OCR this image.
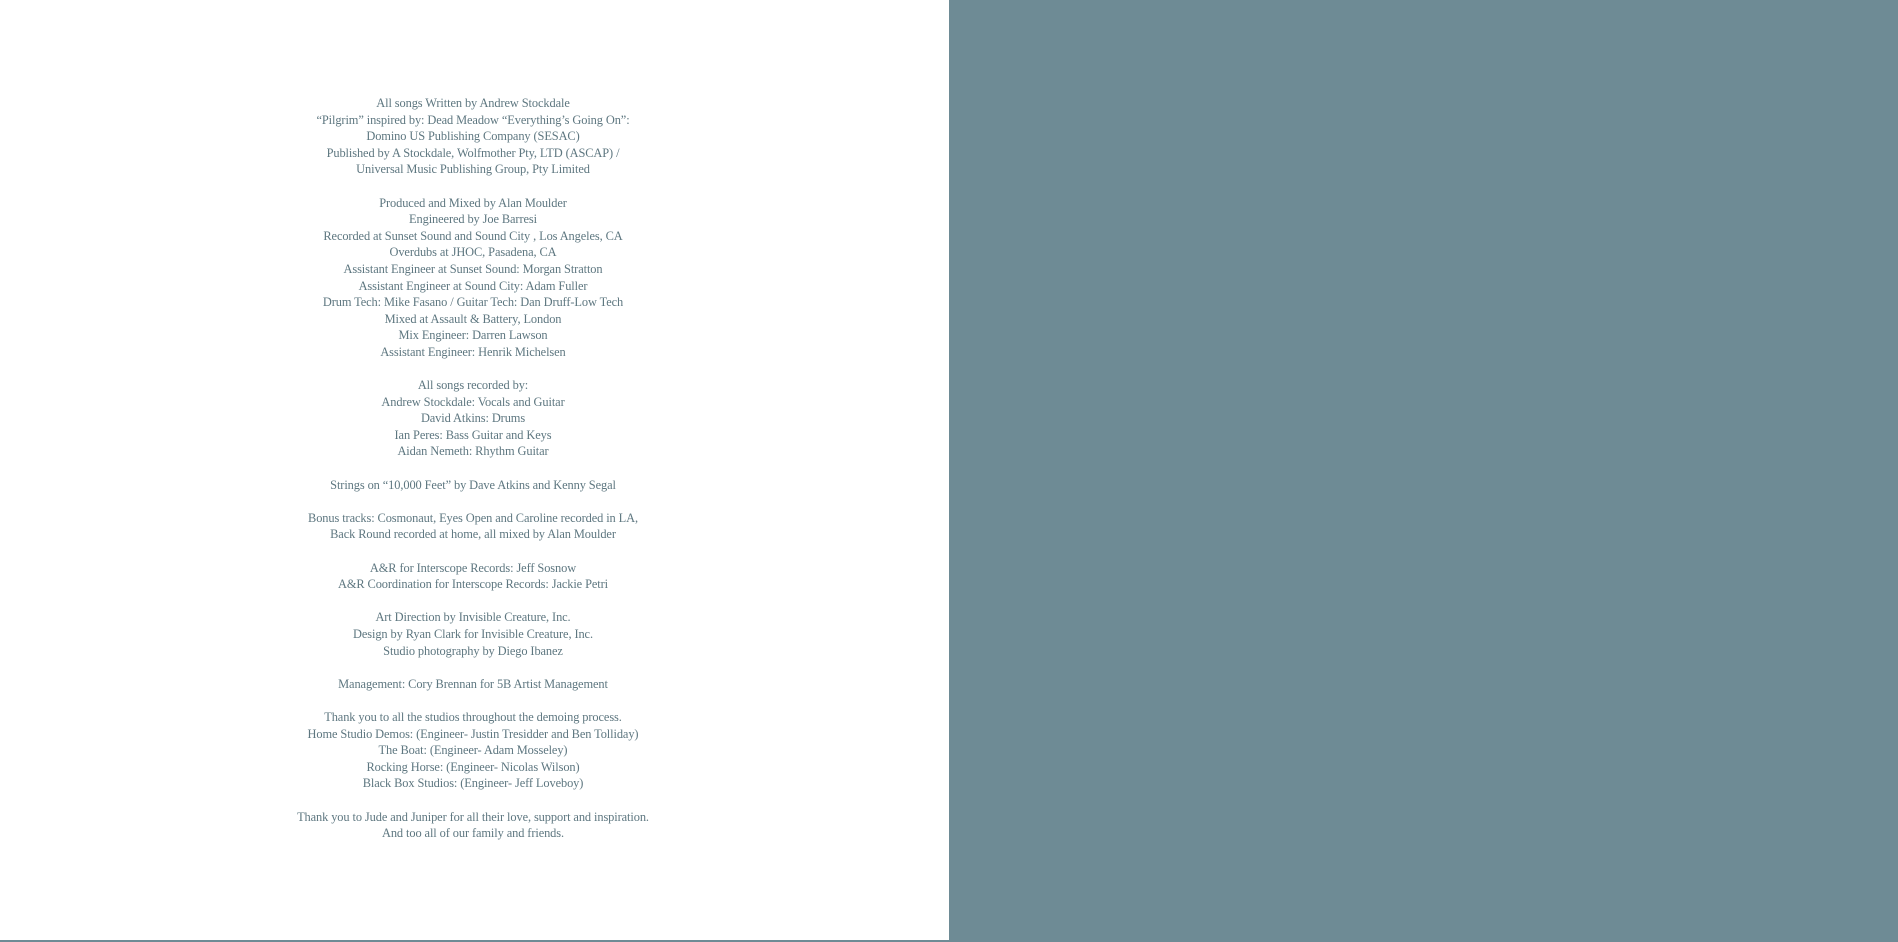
All songs Written by Andrew Stockdale
“Pilgrim” inspired by: Dead Meadow “Everything’s Going On”:
Domino US Publishing Company (SESAC)
Published by A Stockdale, Wolfmother Pty, LTD (ASCAP) /
Universal Music Publishing Group, Pty Limited
Produced and Mixed by Alan Moulder
Engineered by Joe Barresi
Recorded at Sunset Sound and Sound City , Los Angeles, CA
Overdubs at JHOC, Pasadena, CA
Assistant Engineer at Sunset Sound: Morgan Stratton
Assistant Engineer at Sound City: Adam Fuller
Drum Tech: Mike Fasano / Guitar Tech: Dan Druff-Low Tech
Mixed at Assault & Battery, London
Mix Engineer: Darren Lawson
Assistant Engineer: Henrik Michelsen
All songs recorded by:
Andrew Stockdale: Vocals and Guitar
David Atkins: Drums
Ian Peres: Bass Guitar and Keys
Aidan Nemeth: Rhythm Guitar
Strings on “10,000 Feet” by Dave Atkins and Kenny Segal
Bonus tracks: Cosmonaut, Eyes Open and Caroline recorded in LA,
Back Round recorded at home, all mixed by Alan Moulder
A&R for Interscope Records: Jeff Sosnow
A&R Coordination for Interscope Records: Jackie Petri
Art Direction by Invisible Creature, Inc.
Design by Ryan Clark for Invisible Creature, Inc.
Studio photography by Diego Ibanez
Management: Cory Brennan for 5B Artist Management
Thank you to all the studios throughout the demoing process.
Home Studio Demos: (Engineer- Justin Tresidder and Ben Tolliday)
The Boat: (Engineer- Adam Mosseley)
Rocking Horse: (Engineer- Nicolas Wilson)
Black Box Studios: (Engineer- Jeff Loveboy)
Thank you to Jude and Juniper for all their love, support and inspiration.
And too all of our family and friends.
